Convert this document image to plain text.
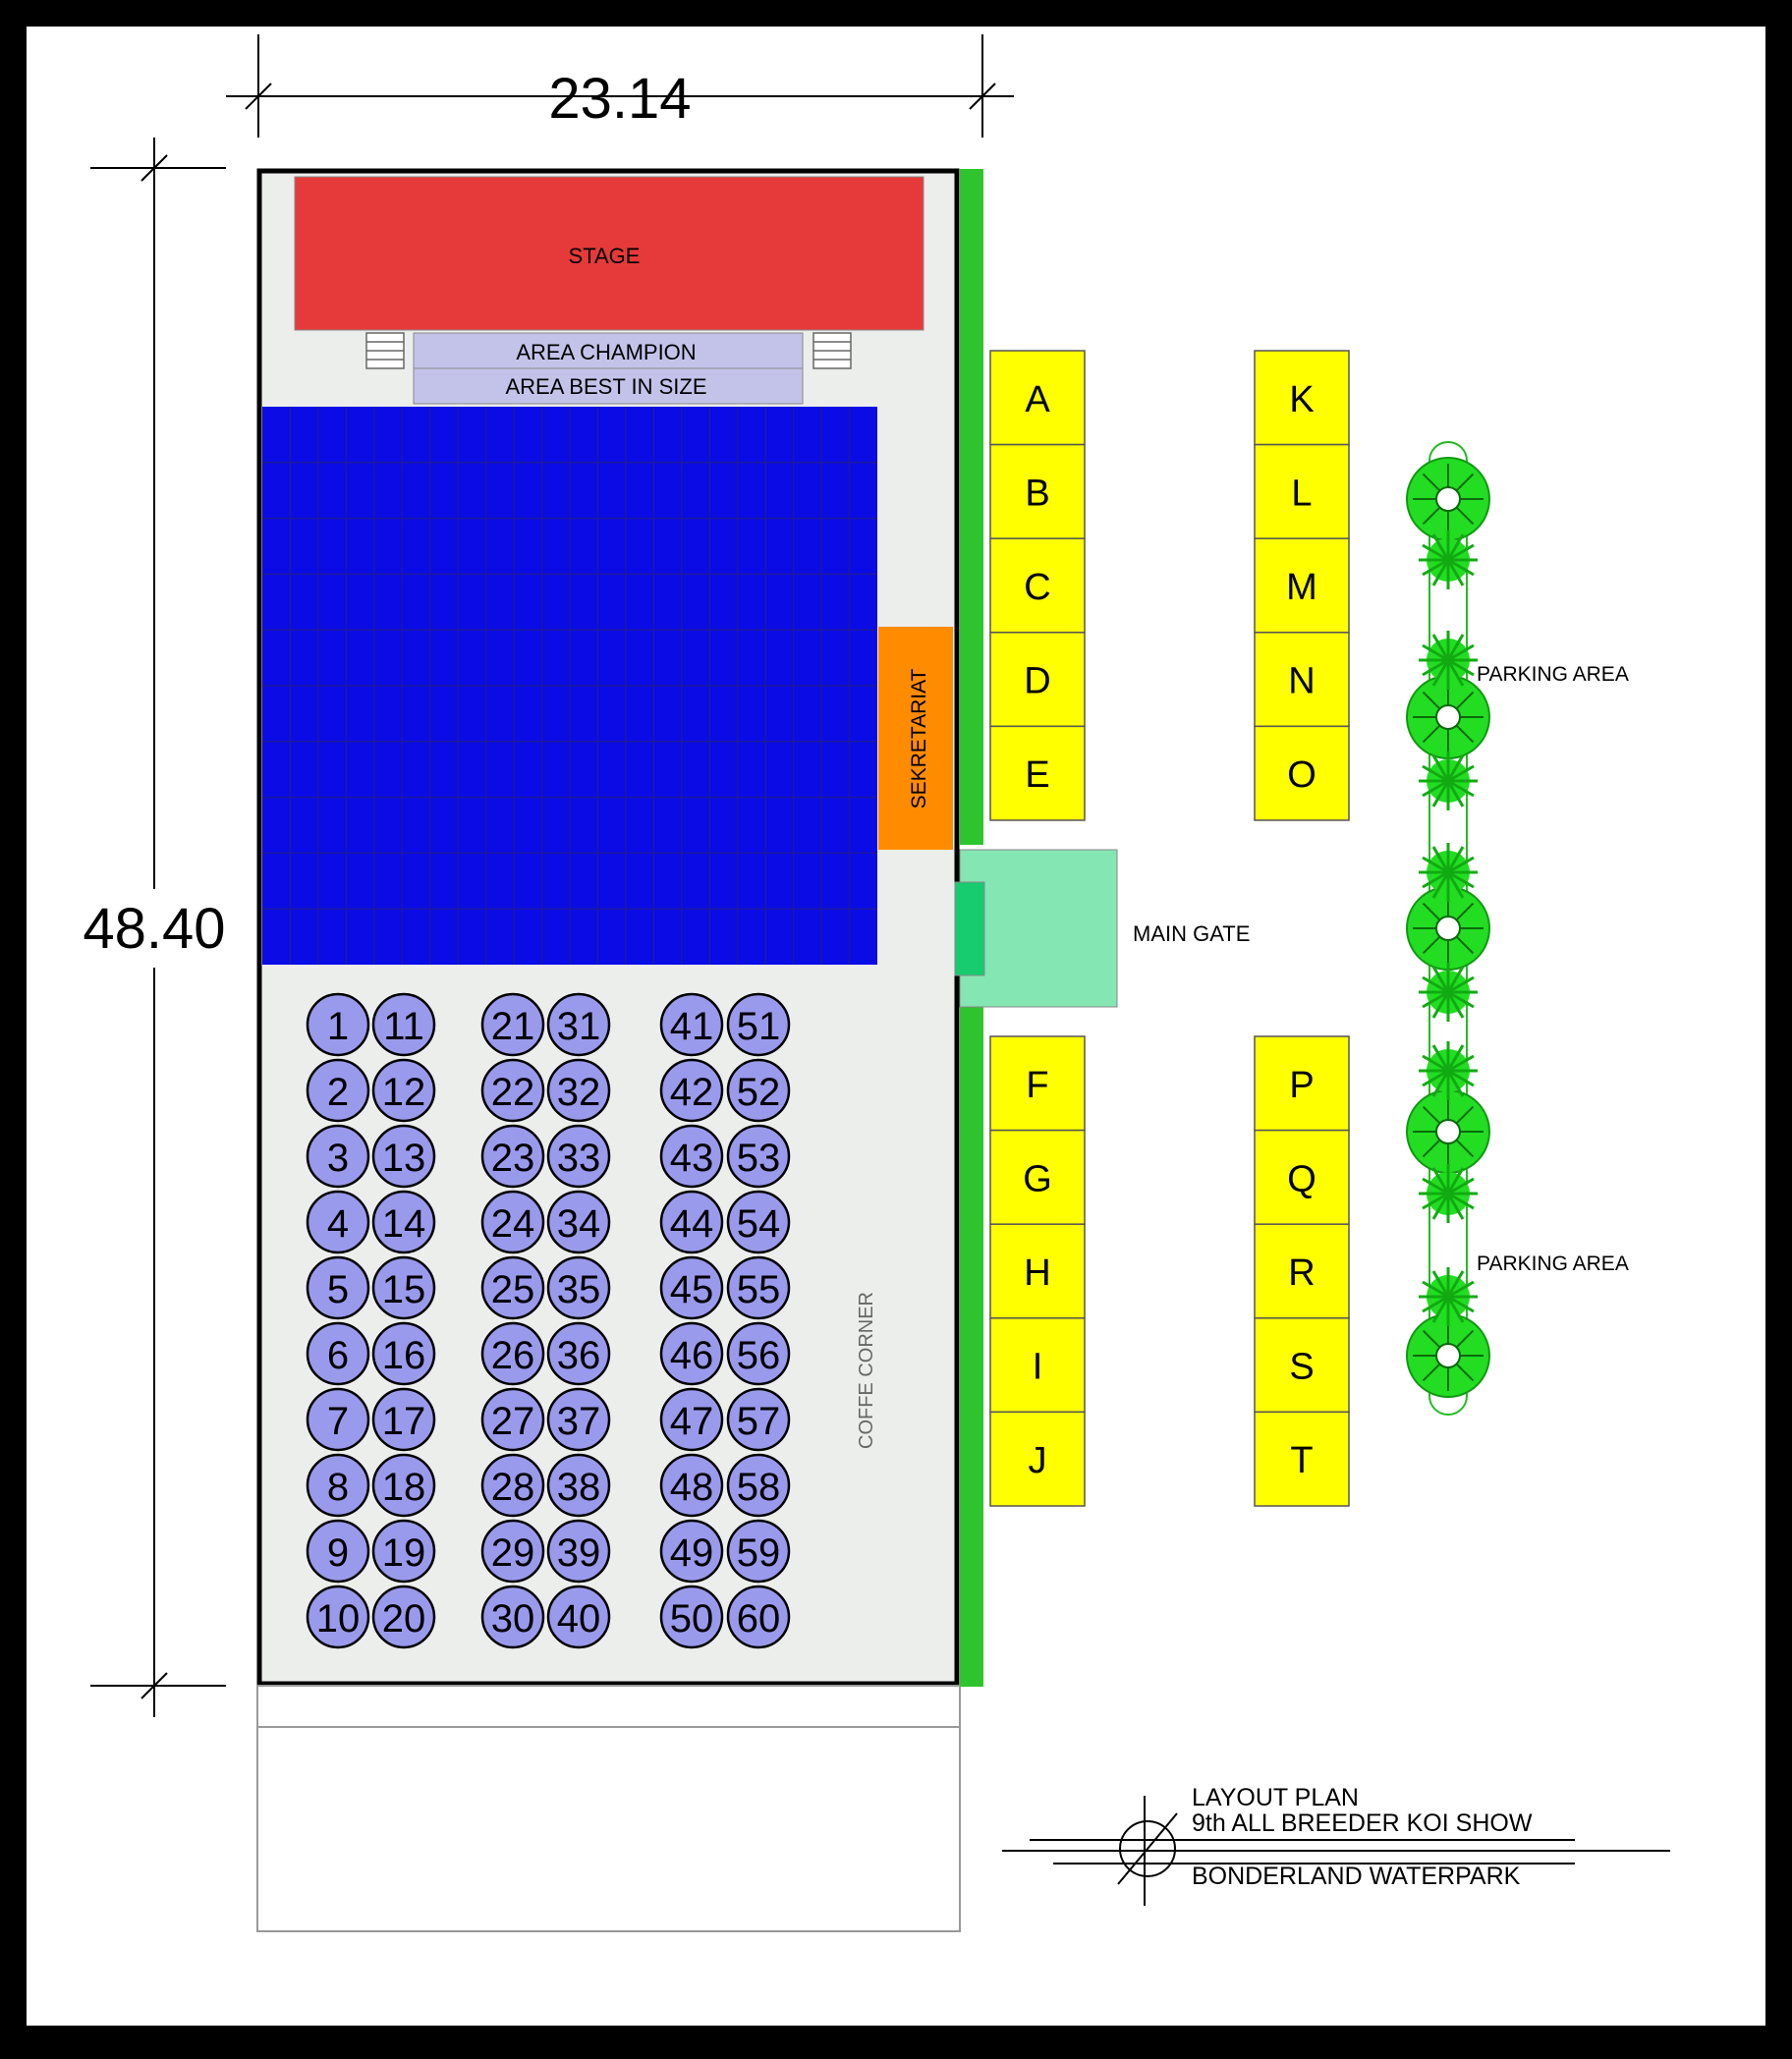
23.14
48.40
STAGE
AREA CHAMPION
AREA BEST IN SIZE
SEKRETARIAT
COFFE CORNER
MAIN GATE
1
2
3
4
5
6
7
8
9
10
11
12
13
14
15
16
17
18
19
20
21
22
23
24
25
26
27
28
29
30
31
32
33
34
35
36
37
38
39
40
41
42
43
44
45
46
47
48
49
50
51
52
53
54
55
56
57
58
59
60
A
B
C
D
E
F
G
H
I
J
K
L
M
N
O
P
Q
R
S
T
PARKING AREA
PARKING AREA
LAYOUT PLAN
9th ALL BREEDER KOI SHOW
BONDERLAND WATERPARK
